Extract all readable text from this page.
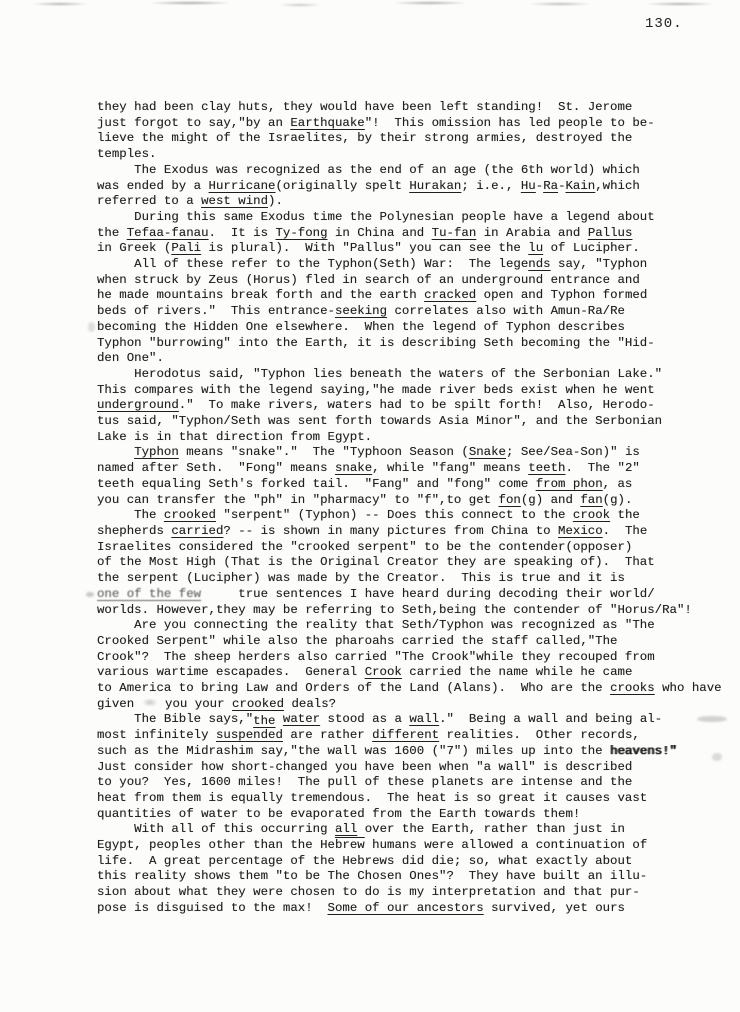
130.
they had been clay huts, they would have been left standing!  St. Jerome
just forgot to say,"by an Earthquake"!  This omission has led people to be-
lieve the might of the Israelites, by their strong armies, destroyed the
temples.
The Exodus was recognized as the end of an age (the 6th world) which
was ended by a Hurricane(originally spelt Hurakan; i.e., Hu-Ra-Kain,which
referred to a west wind).
During this same Exodus time the Polynesian people have a legend about
the Tefaa-fanau.  It is Ty-fong in China and Tu-fan in Arabia and Pallus
in Greek (Pali is plural).  With "Pallus" you can see the lu of Lucipher.
All of these refer to the Typhon(Seth) War:  The legends say, "Typhon
when struck by Zeus (Horus) fled in search of an underground entrance and
he made mountains break forth and the earth cracked open and Typhon formed
beds of rivers."  This entrance-seeking correlates also with Amun-Ra/Re
becoming the Hidden One elsewhere.  When the legend of Typhon describes
Typhon "burrowing" into the Earth, it is describing Seth becoming the "Hid-
den One".
Herodotus said, "Typhon lies beneath the waters of the Serbonian Lake."
This compares with the legend saying,"he made river beds exist when he went
underground."  To make rivers, waters had to be spilt forth!  Also, Herodo-
tus said, "Typhon/Seth was sent forth towards Asia Minor", and the Serbonian
Lake is in that direction from Egypt.
Typhon means "snake"."  The "Typhoon Season (Snake; See/Sea-Son)" is
named after Seth.  "Fong" means snake, while "fang" means teeth.  The "2"
teeth equaling Seth's forked tail.  "Fang" and "fong" come from phon, as
you can transfer the "ph" in "pharmacy" to "f",to get fon(g) and fan(g).
The crooked "serpent" (Typhon) -- Does this connect to the crook the
shepherds carried? -- is shown in many pictures from China to Mexico.  The
Israelites considered the "crooked serpent" to be the contender(opposer)
of the Most High (That is the Original Creator they are speaking of).  That
the serpent (Lucipher) was made by the Creator.  This is true and it is
one of the few     true sentences I have heard during decoding their world/
worlds. However,they may be referring to Seth,being the contender of "Horus/Ra"!
Are you connecting the reality that Seth/Typhon was recognized as "The
Crooked Serpent" while also the pharoahs carried the staff called,"The
Crook"?  The sheep herders also carried "The Crook"while they recouped from
various wartime escapades.  General Crook carried the name while he came
to America to bring Law and Orders of the Land (Alans).  Who are the crooks who have
given  you your crooked deals?
The Bible says,"the water stood as a wall."  Being a wall and being al-
most infinitely suspended are rather different realities.  Other records,
such as the Midrashim say,"the wall was 1600 ("7") miles up into the heavens!"
Just consider how short-changed you have been when "a wall" is described
to you?  Yes, 1600 miles!  The pull of these planets are intense and the
heat from them is equally tremendous.  The heat is so great it causes vast
quantities of water to be evaporated from the Earth towards them!
With all of this occurring all over the Earth, rather than just in
Egypt, peoples other than the Hebrew humans were allowed a continuation of
life.  A great percentage of the Hebrews did die; so, what exactly about
this reality shows them "to be The Chosen Ones"?  They have built an illu-
sion about what they were chosen to do is my interpretation and that pur-
pose is disguised to the max!  Some of our ancestors survived, yet ours
